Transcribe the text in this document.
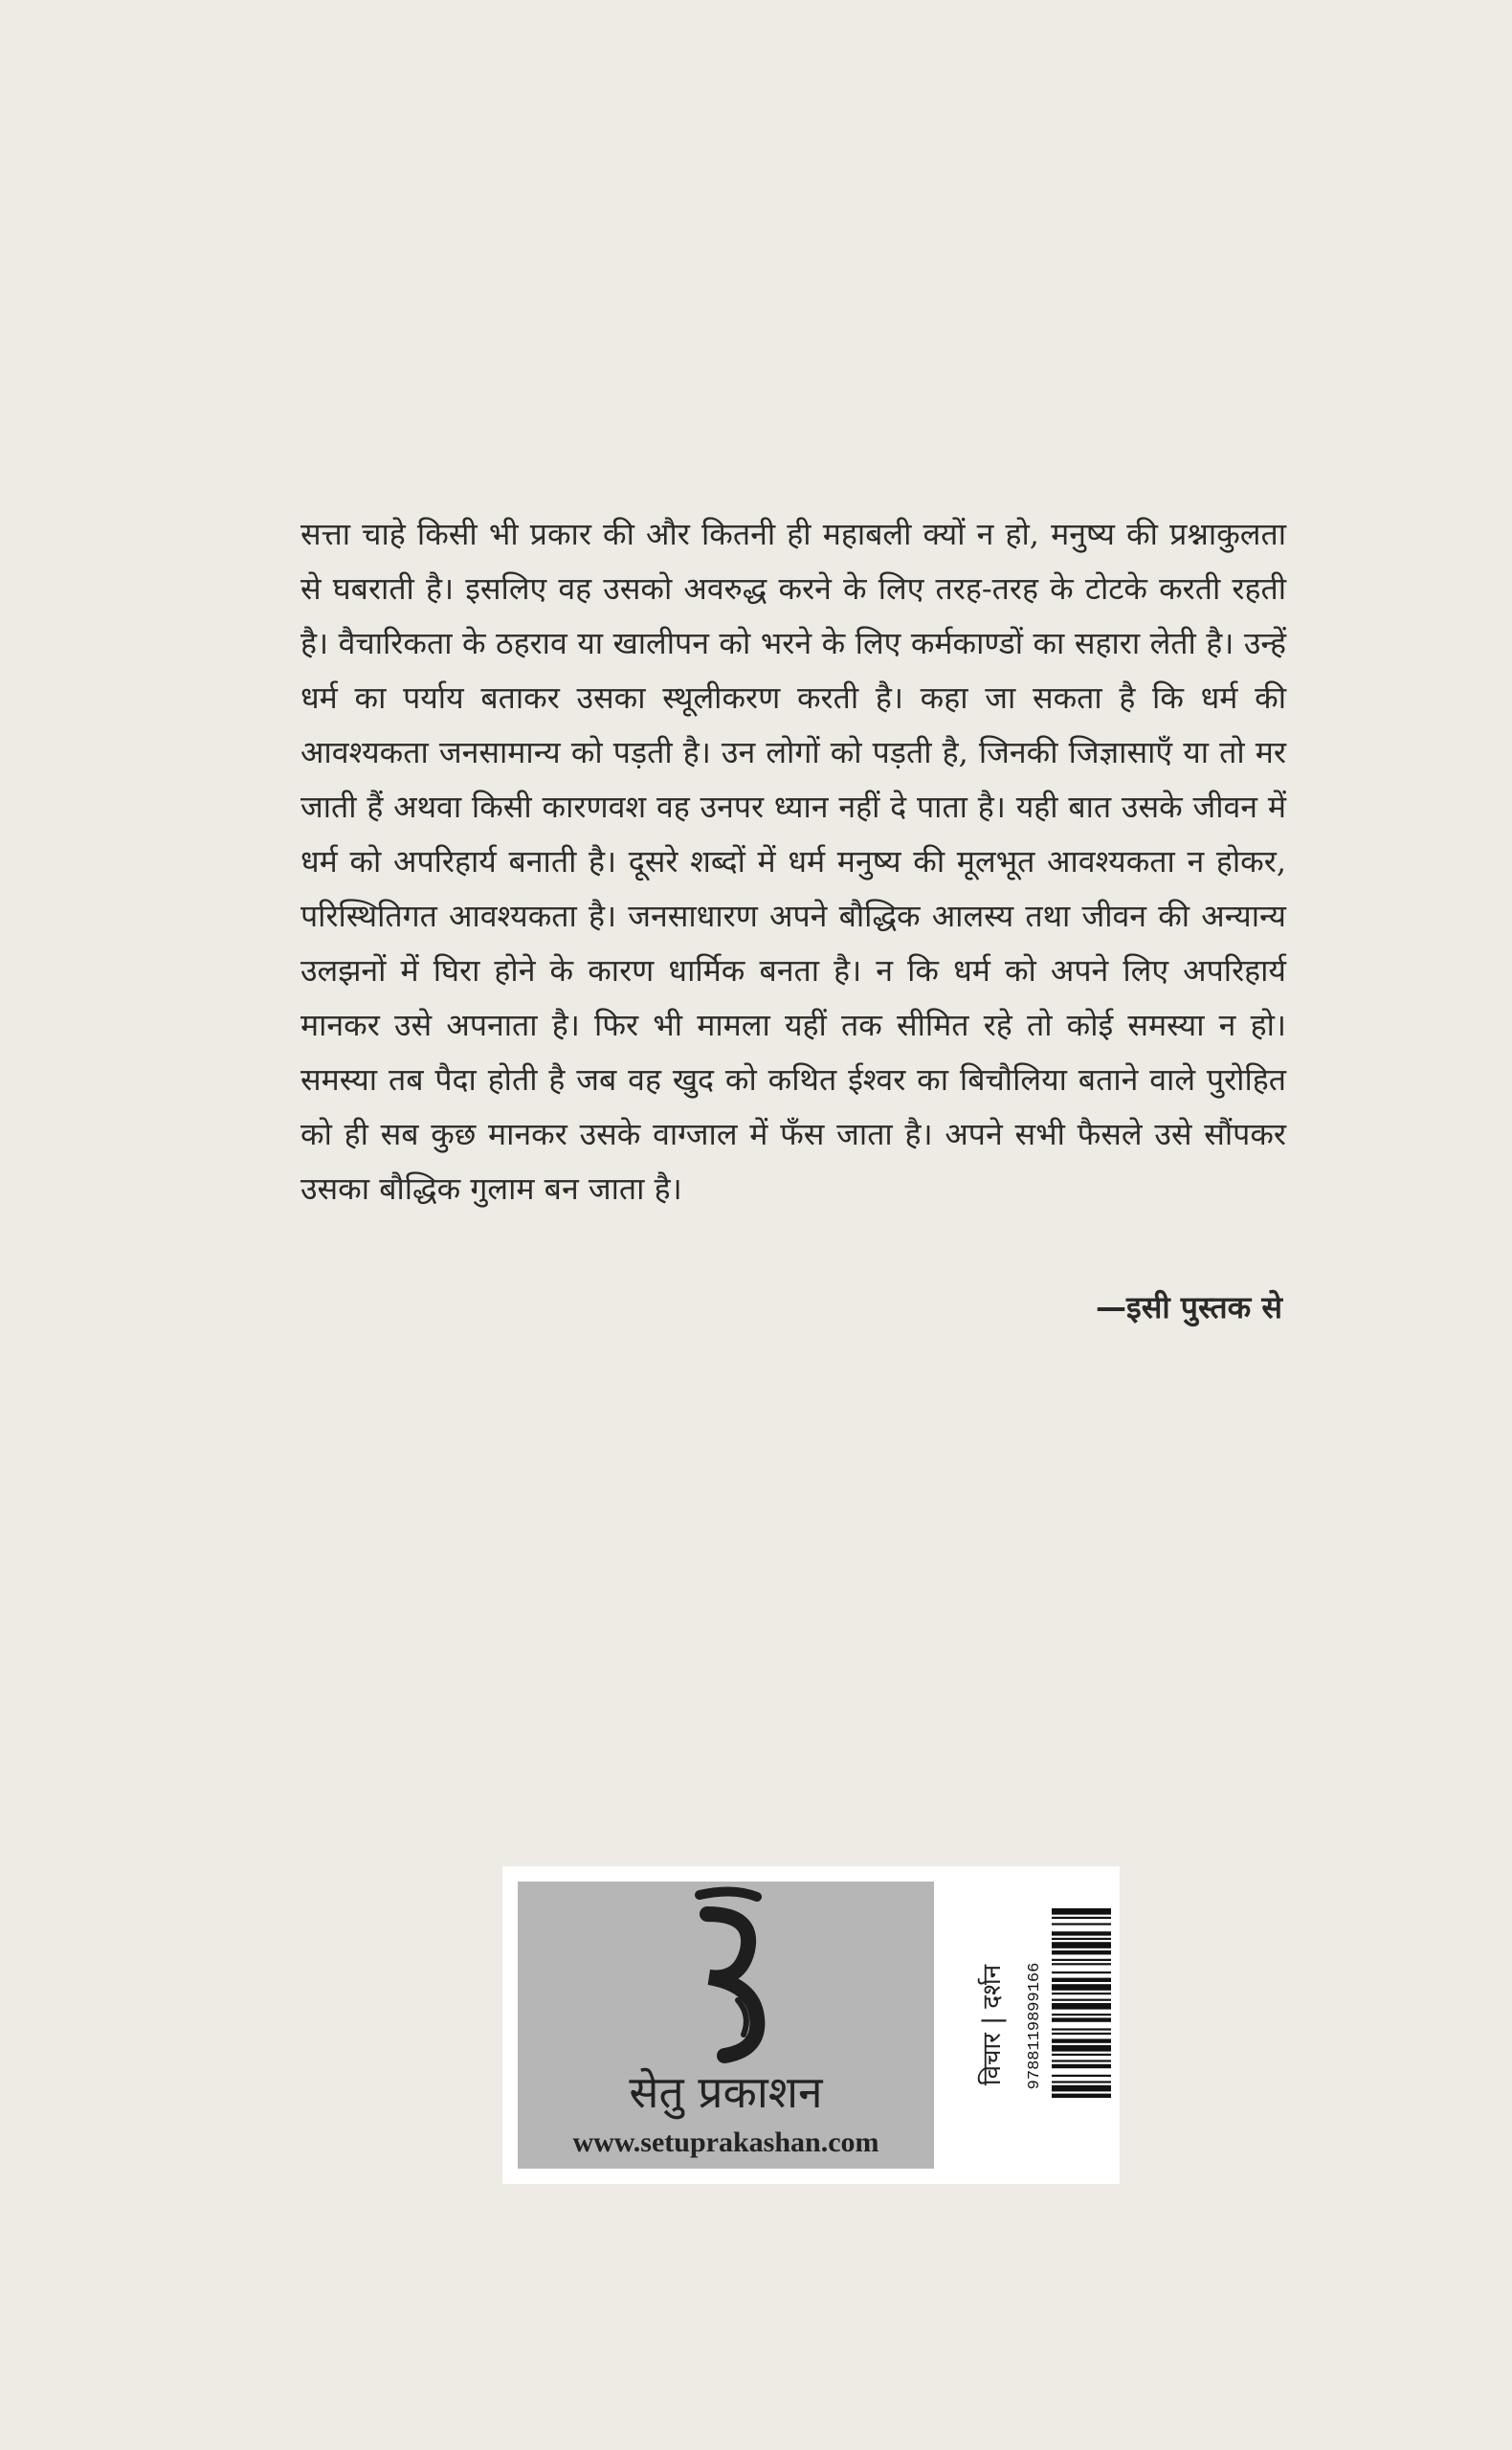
सत्ता चाहे किसी भी प्रकार की और कितनी ही महाबली क्यों न हो, मनुष्य की प्रश्नाकुलता से घबराती है। इसलिए वह उसको अवरुद्ध करने के लिए तरह-तरह के टोटके करती रहती है। वैचारिकता के ठहराव या खालीपन को भरने के लिए कर्मकाण्डों का सहारा लेती है। उन्हें धर्म का पर्याय बताकर उसका स्थूलीकरण करती है। कहा जा सकता है कि धर्म की आवश्यकता जनसामान्य को पड़ती है। उन लोगों को पड़ती है, जिनकी जिज्ञासाएँ या तो मर जाती हैं अथवा किसी कारणवश वह उनपर ध्यान नहीं दे पाता है। यही बात उसके जीवन में धर्म को अपरिहार्य बनाती है। दूसरे शब्दों में धर्म मनुष्य की मूलभूत आवश्यकता न होकर, परिस्थितिगत आवश्यकता है। जनसाधारण अपने बौद्धिक आलस्य तथा जीवन की अन्यान्य उलझनों में घिरा होने के कारण धार्मिक बनता है। न कि धर्म को अपने लिए अपरिहार्य मानकर उसे अपनाता है। फिर भी मामला यहीं तक सीमित रहे तो कोई समस्या न हो। समस्या तब पैदा होती है जब वह खुद को कथित ईश्वर का बिचौलिया बताने वाले पुरोहित को ही सब कुछ मानकर उसके वाग्जाल में फँस जाता है। अपने सभी फैसले उसे सौंपकर उसका बौद्धिक गुलाम बन जाता है।

—इसी पुस्तक से
सेतु प्रकाशन
www.setuprakashan.com
विचार | दर्शन 9788119899166
